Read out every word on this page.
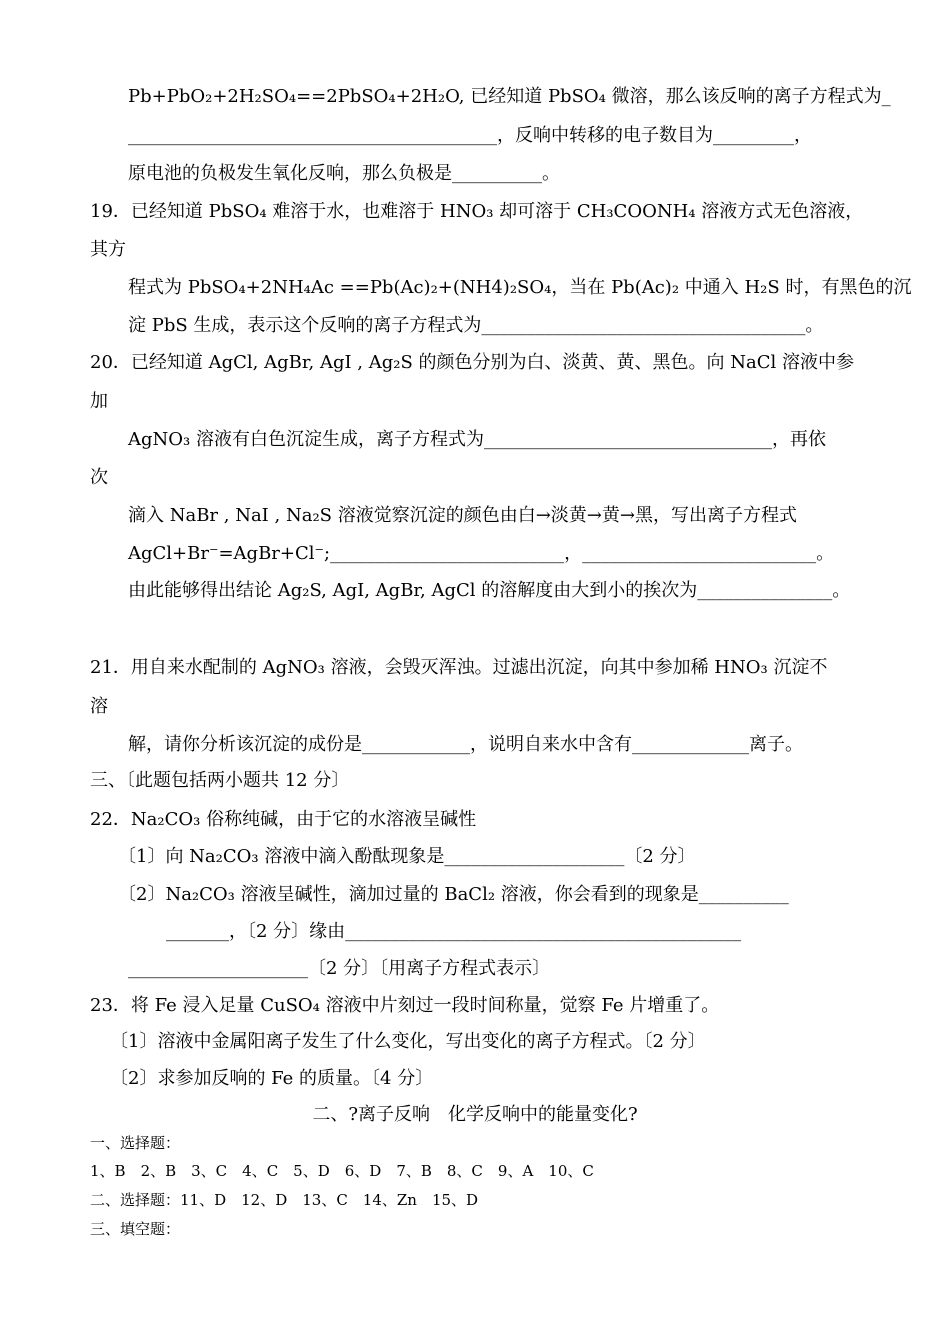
Pb+PbO₂+2H₂SO₄==2PbSO₄+2H₂O, 已经知道 PbSO₄ 微溶，那么该反响的离子方程式为_
_________________________________________，反响中转移的电子数目为_________，
原电池的负极发生氧化反响，那么负极是__________。
19．已经知道 PbSO₄ 难溶于水，也难溶于 HNO₃ 却可溶于 CH₃COONH₄ 溶液方式无色溶液，
其方
程式为 PbSO₄+2NH₄Ac ==Pb(Ac)₂+(NH4)₂SO₄，当在 Pb(Ac)₂ 中通入 H₂S 时，有黑色的沉
淀 PbS 生成，表示这个反响的离子方程式为____________________________________。
20．已经知道 AgCl, AgBr, AgI , Ag₂S 的颜色分别为白、淡黄、黄、黑色。向 NaCl 溶液中参
加
AgNO₃ 溶液有白色沉淀生成，离子方程式为________________________________，再依
次
滴入 NaBr , NaI , Na₂S 溶液觉察沉淀的颜色由白→淡黄→黄→黑，写出离子方程式
AgCl+Br⁻=AgBr+Cl⁻;__________________________，__________________________。
由此能够得出结论 Ag₂S, AgI, AgBr, AgCl 的溶解度由大到小的挨次为_______________。
21．用自来水配制的 AgNO₃ 溶液，会毁灭浑浊。过滤出沉淀，向其中参加稀 HNO₃ 沉淀不
溶
解，请你分析该沉淀的成份是____________，说明自来水中含有_____________离子。
三、〔此题包括两小题共 12 分〕
22．Na₂CO₃ 俗称纯碱，由于它的水溶液呈碱性
〔1〕向 Na₂CO₃ 溶液中滴入酚酞现象是____________________〔2 分〕
〔2〕Na₂CO₃ 溶液呈碱性，滴加过量的 BaCl₂ 溶液，你会看到的现象是__________
_______，〔2 分〕缘由____________________________________________
____________________〔2 分〕〔用离子方程式表示〕
23．将 Fe 浸入足量 CuSO₄ 溶液中片刻过一段时间称量，觉察 Fe 片增重了。
〔1〕溶液中金属阳离子发生了什么变化，写出变化的离子方程式。〔2 分〕
〔2〕求参加反响的 Fe 的质量。〔4 分〕
二、?离子反响　化学反响中的能量变化?
一、选择题：
1、B　2、B　3、C　4、C　5、D　6、D　7、B　8、C　9、A　10、C
二、选择题：11、D　12、D　13、C　14、Zn　15、D
三、填空题：
